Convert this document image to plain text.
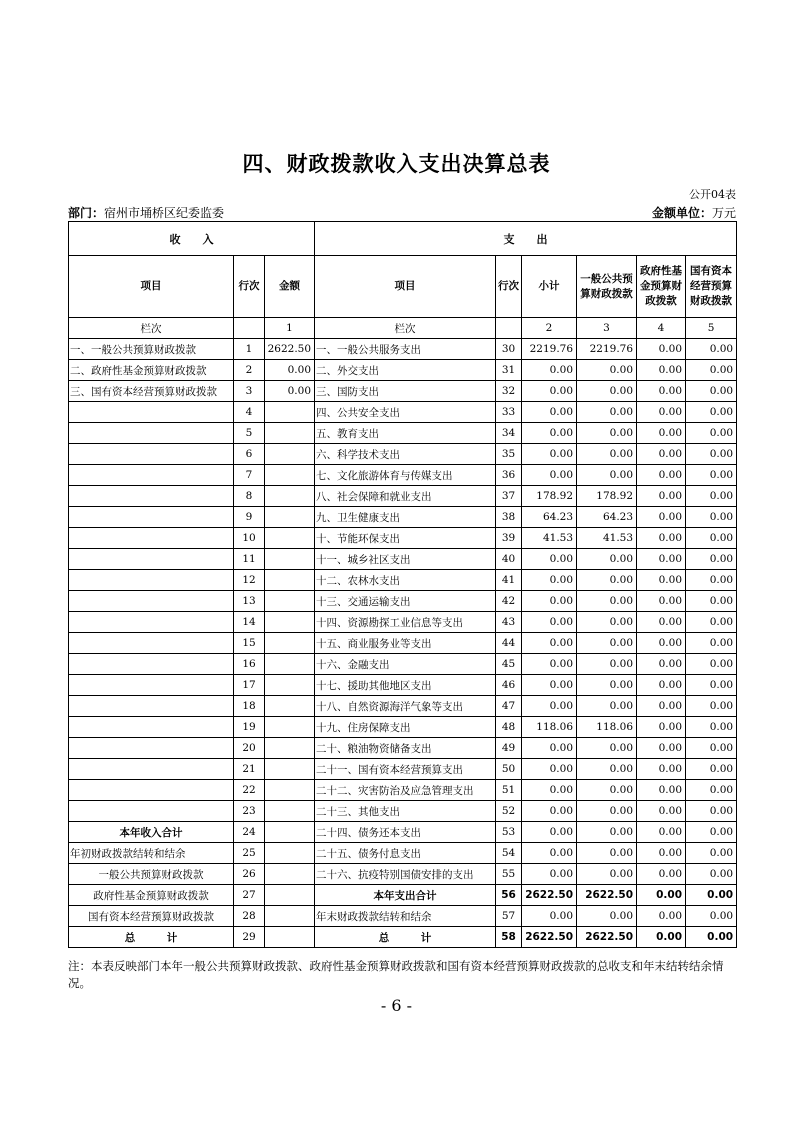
四、财政拨款收入支出决算总表
公开04表
部门：宿州市埇桥区纪委监委	金额单位：万元
收　　入			支　　出					
项目	行次	金额	项目	行次	小计	一般公共预算财政拨款	政府性基金预算财政拨款	国有资本经营预算财政拨款
栏次		1	栏次		2	3	4	5
一、一般公共预算财政拨款	1	2622.50	一、一般公共服务支出	30	2219.76	2219.76	0.00	0.00
二、政府性基金预算财政拨款	2	0.00	二、外交支出	31	0.00	0.00	0.00	0.00
三、国有资本经营预算财政拨款	3	0.00	三、国防支出	32	0.00	0.00	0.00	0.00
	4		四、公共安全支出	33	0.00	0.00	0.00	0.00
	5		五、教育支出	34	0.00	0.00	0.00	0.00
	6		六、科学技术支出	35	0.00	0.00	0.00	0.00
	7		七、文化旅游体育与传媒支出	36	0.00	0.00	0.00	0.00
	8		八、社会保障和就业支出	37	178.92	178.92	0.00	0.00
	9		九、卫生健康支出	38	64.23	64.23	0.00	0.00
	10		十、节能环保支出	39	41.53	41.53	0.00	0.00
	11		十一、城乡社区支出	40	0.00	0.00	0.00	0.00
	12		十二、农林水支出	41	0.00	0.00	0.00	0.00
	13		十三、交通运输支出	42	0.00	0.00	0.00	0.00
	14		十四、资源勘探工业信息等支出	43	0.00	0.00	0.00	0.00
	15		十五、商业服务业等支出	44	0.00	0.00	0.00	0.00
	16		十六、金融支出	45	0.00	0.00	0.00	0.00
	17		十七、援助其他地区支出	46	0.00	0.00	0.00	0.00
	18		十八、自然资源海洋气象等支出	47	0.00	0.00	0.00	0.00
	19		十九、住房保障支出	48	118.06	118.06	0.00	0.00
	20		二十、粮油物资储备支出	49	0.00	0.00	0.00	0.00
	21		二十一、国有资本经营预算支出	50	0.00	0.00	0.00	0.00
	22		二十二、灾害防治及应急管理支出	51	0.00	0.00	0.00	0.00
	23		二十三、其他支出	52	0.00	0.00	0.00	0.00
本年收入合计	24		二十四、债务还本支出	53	0.00	0.00	0.00	0.00
年初财政拨款结转和结余	25		二十五、债务付息支出	54	0.00	0.00	0.00	0.00
一般公共预算财政拨款	26		二十六、抗疫特别国债安排的支出	55	0.00	0.00	0.00	0.00
政府性基金预算财政拨款	27		本年支出合计	56	2622.50	2622.50	0.00	0.00
国有资本经营预算财政拨款	28		年末财政拨款结转和结余	57	0.00	0.00	0.00	0.00
总　　　计	29		总　　　计	58	2622.50	2622.50	0.00	0.00
注：本表反映部门本年一般公共预算财政拨款、政府性基金预算财政拨款和国有资本经营预算财政拨款的总收支和年末结转结余情况。
- 6 -
